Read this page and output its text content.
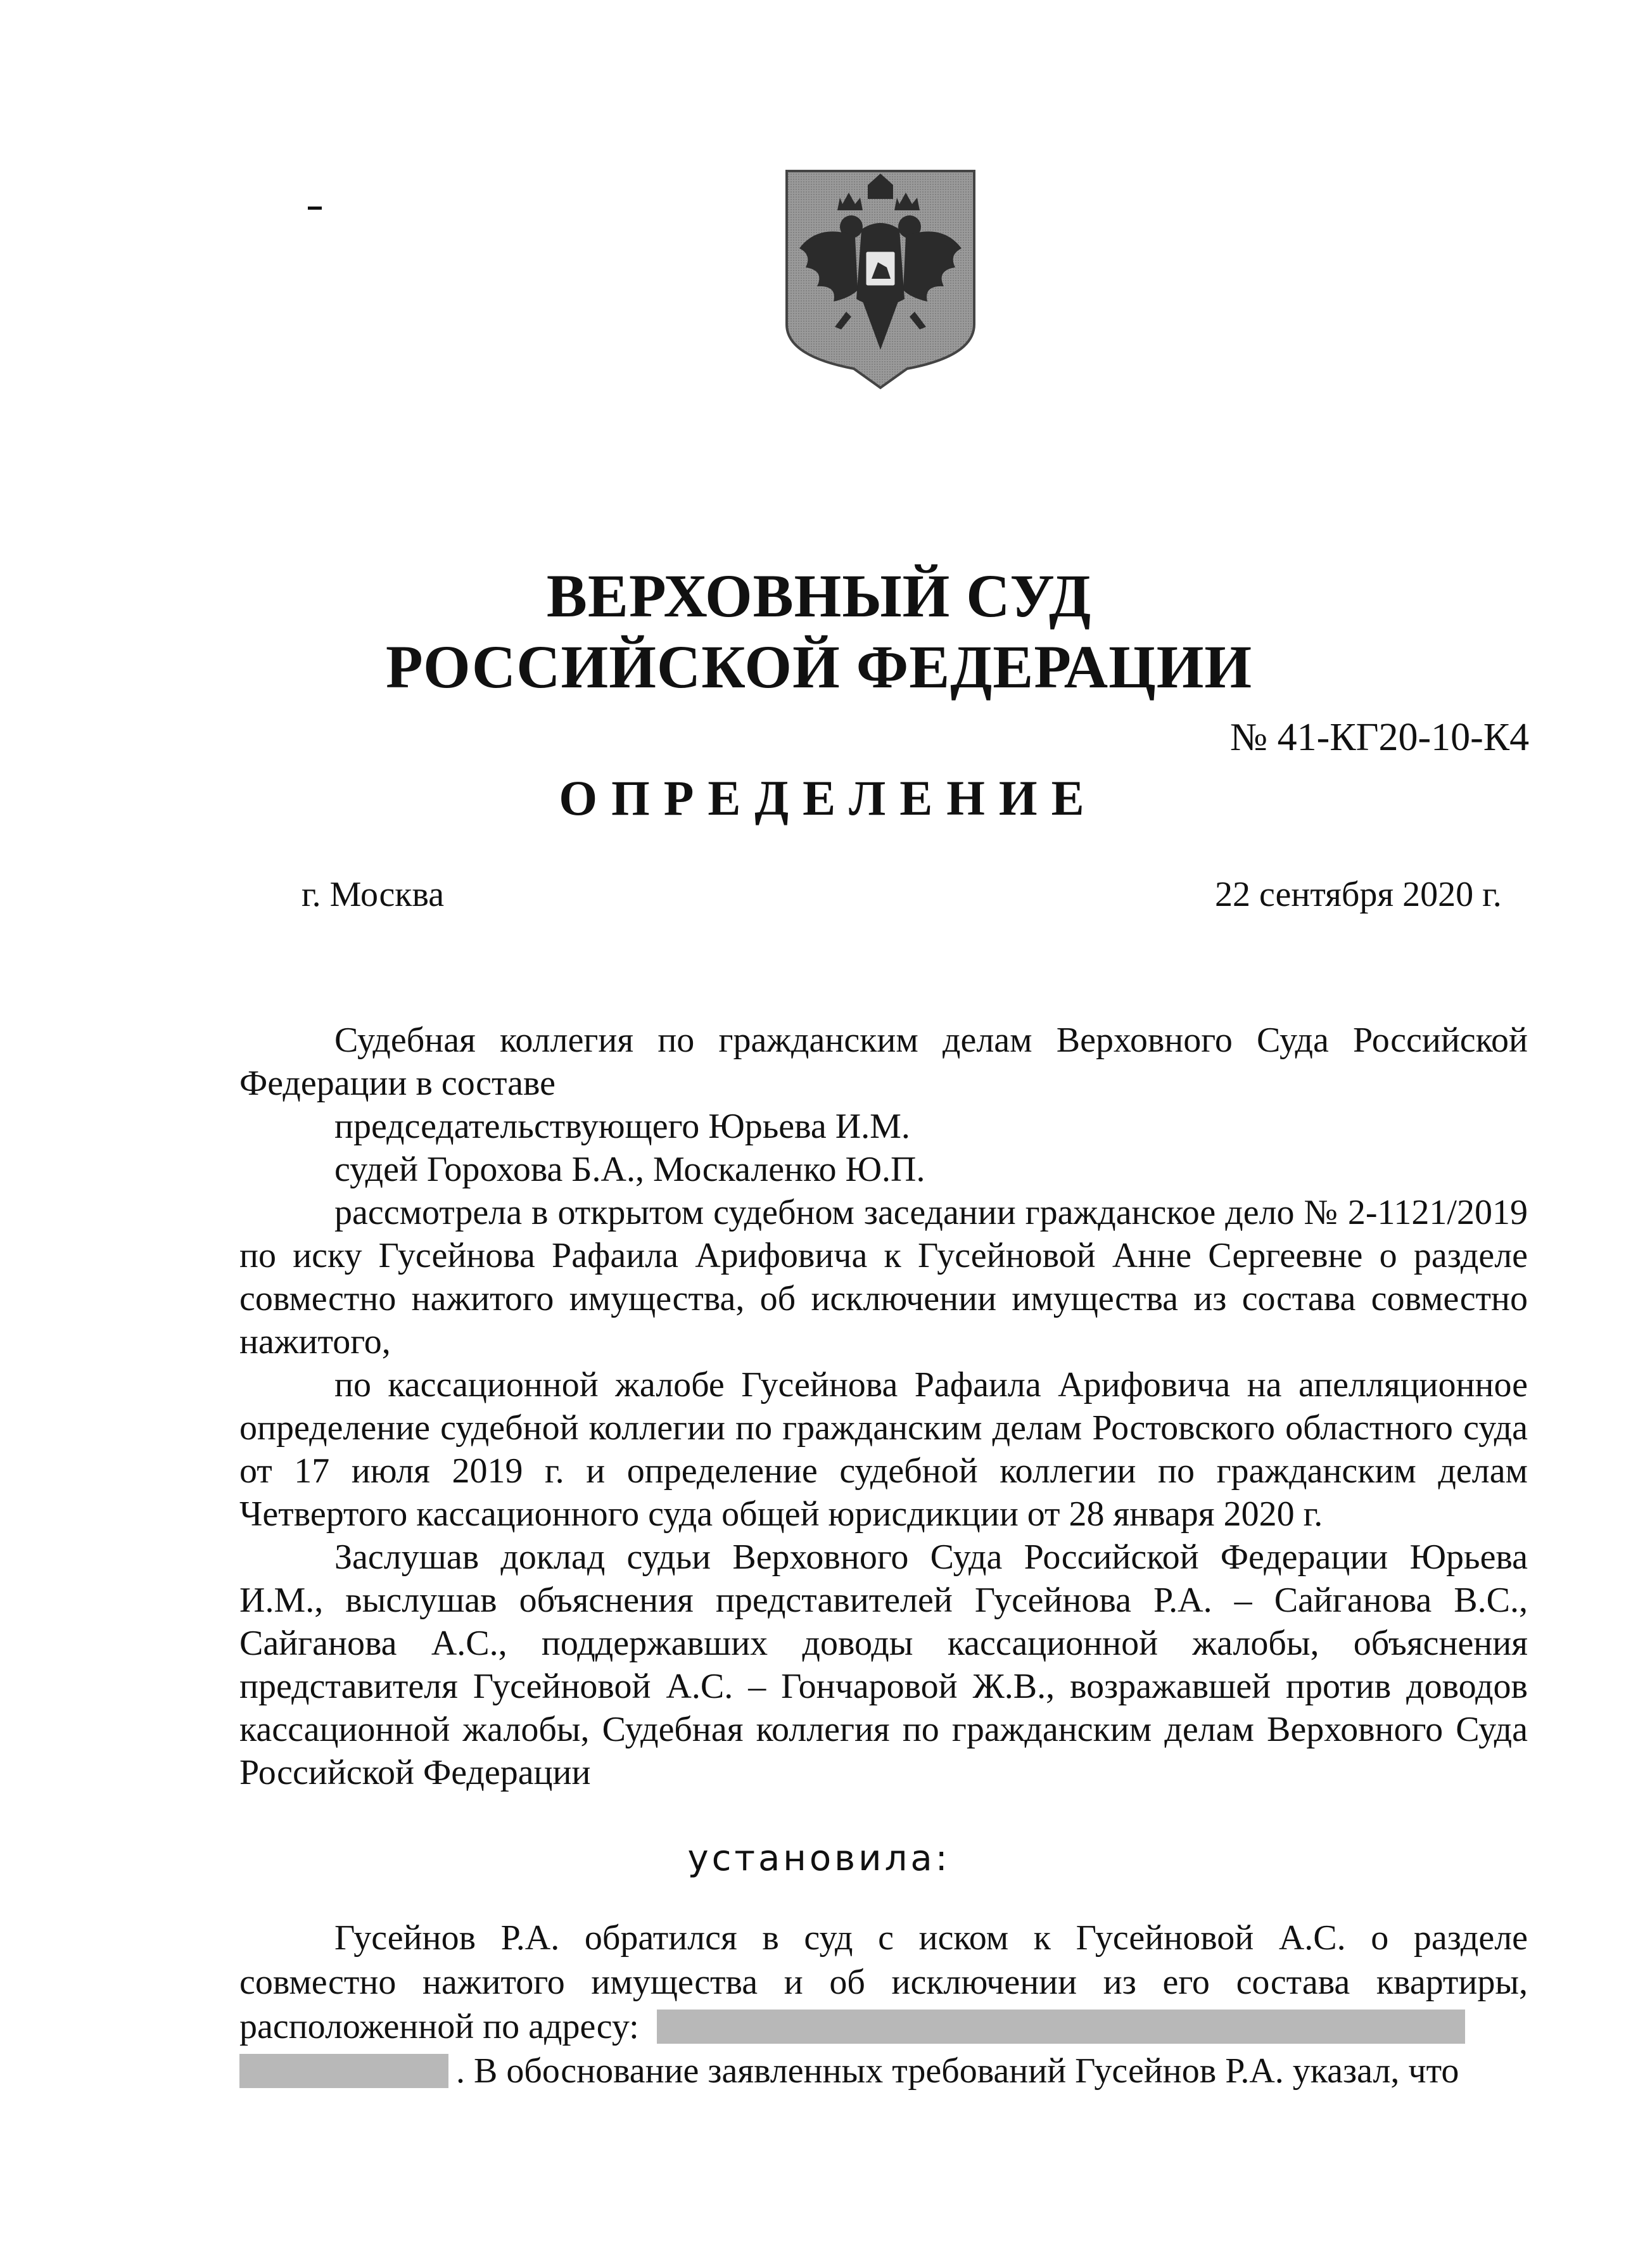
ВЕРХОВНЫЙ СУД
РОССИЙСКОЙ ФЕДЕРАЦИИ
№ 41-КГ20-10-К4
ОПРЕДЕЛЕНИЕ
г. Москва	22 сентября 2020 г.

Судебная коллегия по гражданским делам Верховного Суда Российской Федерации в составе

председательствующего Юрьева И.М.

судей Горохова Б.А., Москаленко Ю.П.

рассмотрела в открытом судебном заседании гражданское дело № 2-1121/2019 по иску Гусейнова Рафаила Арифовича к Гусейновой Анне Сергеевне о разделе совместно нажитого имущества, об исключении имущества из состава совместно нажитого,

по кассационной жалобе Гусейнова Рафаила Арифовича на апелляционное определение судебной коллегии по гражданским делам Ростовского областного суда от 17 июля 2019 г. и определение судебной коллегии по гражданским делам Четвертого кассационного суда общей юрисдикции от 28 января 2020 г.

Заслушав доклад судьи Верховного Суда Российской Федерации Юрьева И.М., выслушав объяснения представителей Гусейнова Р.А. – Сайганова В.С., Сайганова А.С., поддержавших доводы кассационной жалобы, объяснения представителя Гусейновой А.С. – Гончаровой Ж.В., возражавшей против доводов кассационной жалобы, Судебная коллегия по гражданским делам Верховного Суда Российской Федерации

установила:
Гусейнов Р.А. обратился в суд с иском к Гусейновой А.С. о разделе
совместно нажитого имущества и об исключении из его состава квартиры,
расположенной по адресу:
. В обоснование заявленных требований Гусейнов Р.А. указал, что
